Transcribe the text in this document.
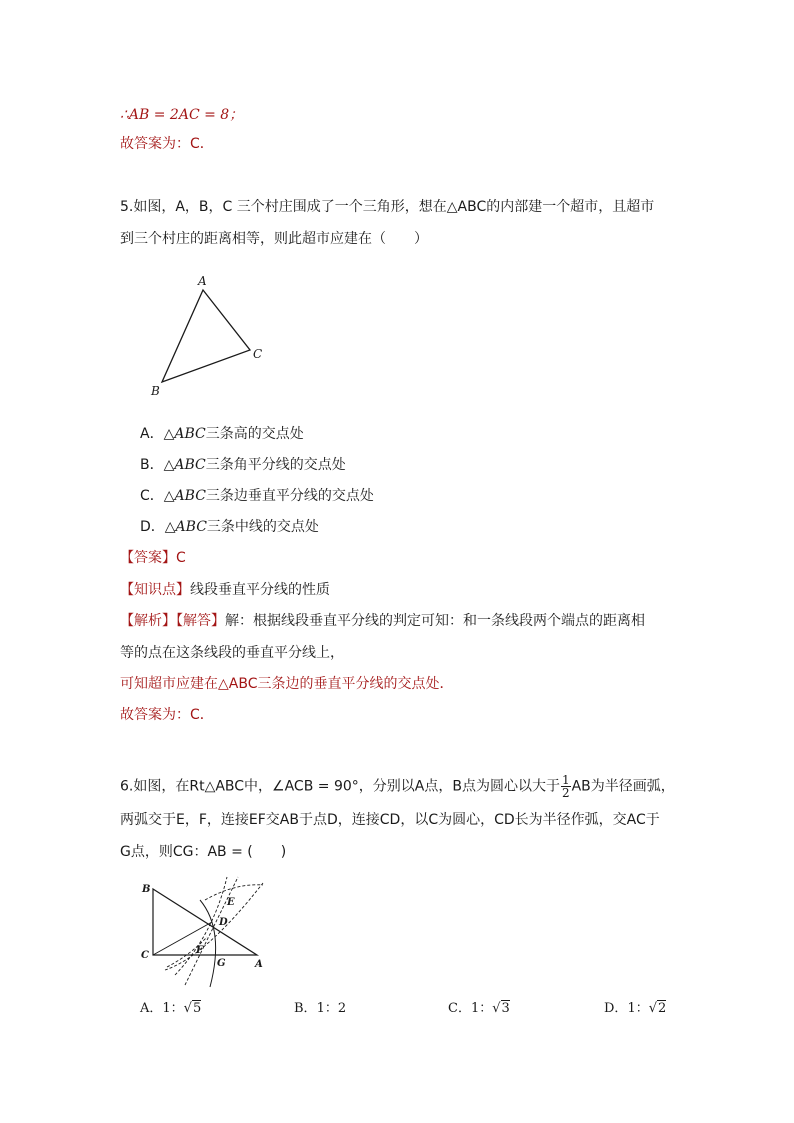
∴AB = 2AC = 8；
故答案为：C．
5.如图，A，B，C 三个村庄围成了一个三角形，想在△ABC的内部建一个超市，且超市
到三个村庄的距离相等，则此超市应建在（　　）
A
C
B
A．△ABC三条高的交点处
B．△ABC三条角平分线的交点处
C．△ABC三条边垂直平分线的交点处
D．△ABC三条中线的交点处
【答案】C
【知识点】线段垂直平分线的性质
【解析】【解答】解：根据线段垂直平分线的判定可知：和一条线段两个端点的距离相
等的点在这条线段的垂直平分线上，
可知超市应建在△ABC三条边的垂直平分线的交点处．
故答案为：C．
6.如图，在Rt△ABC中，∠ACB = 90°，分别以A点，B点为圆心以大于 $\frac{1}{2}$ AB为半径画弧，
两弧交于E，F，连接EF交AB于点D，连接CD，以C为圆心，CD长为半径作弧，交AC于
G点，则CG：AB = (　　)
B
C
A
D
E
F
G
A．1：√5	B．1：2	C．1：√3	D．1：√2
